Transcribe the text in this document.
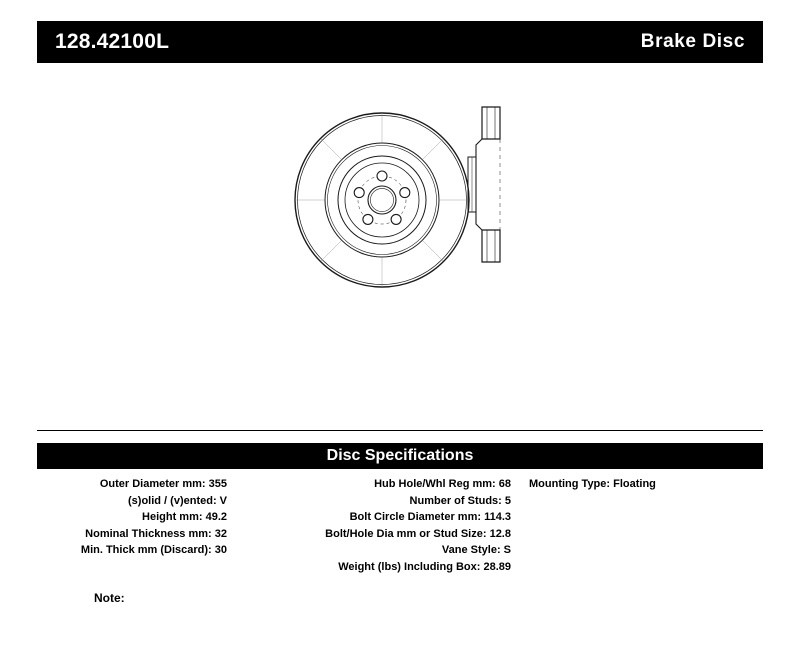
128.42100L	Brake Disc
Disc Specifications
Outer Diameter mm: 355
(s)olid / (v)ented: V
Height mm: 49.2
Nominal Thickness mm: 32
Min. Thick mm (Discard): 30
Hub Hole/Whl Reg mm: 68
Number of Studs: 5
Bolt Circle Diameter mm: 114.3
Bolt/Hole Dia mm or Stud Size: 12.8
Vane Style: S
Weight (lbs) Including Box: 28.89
Mounting Type: Floating
Note:
